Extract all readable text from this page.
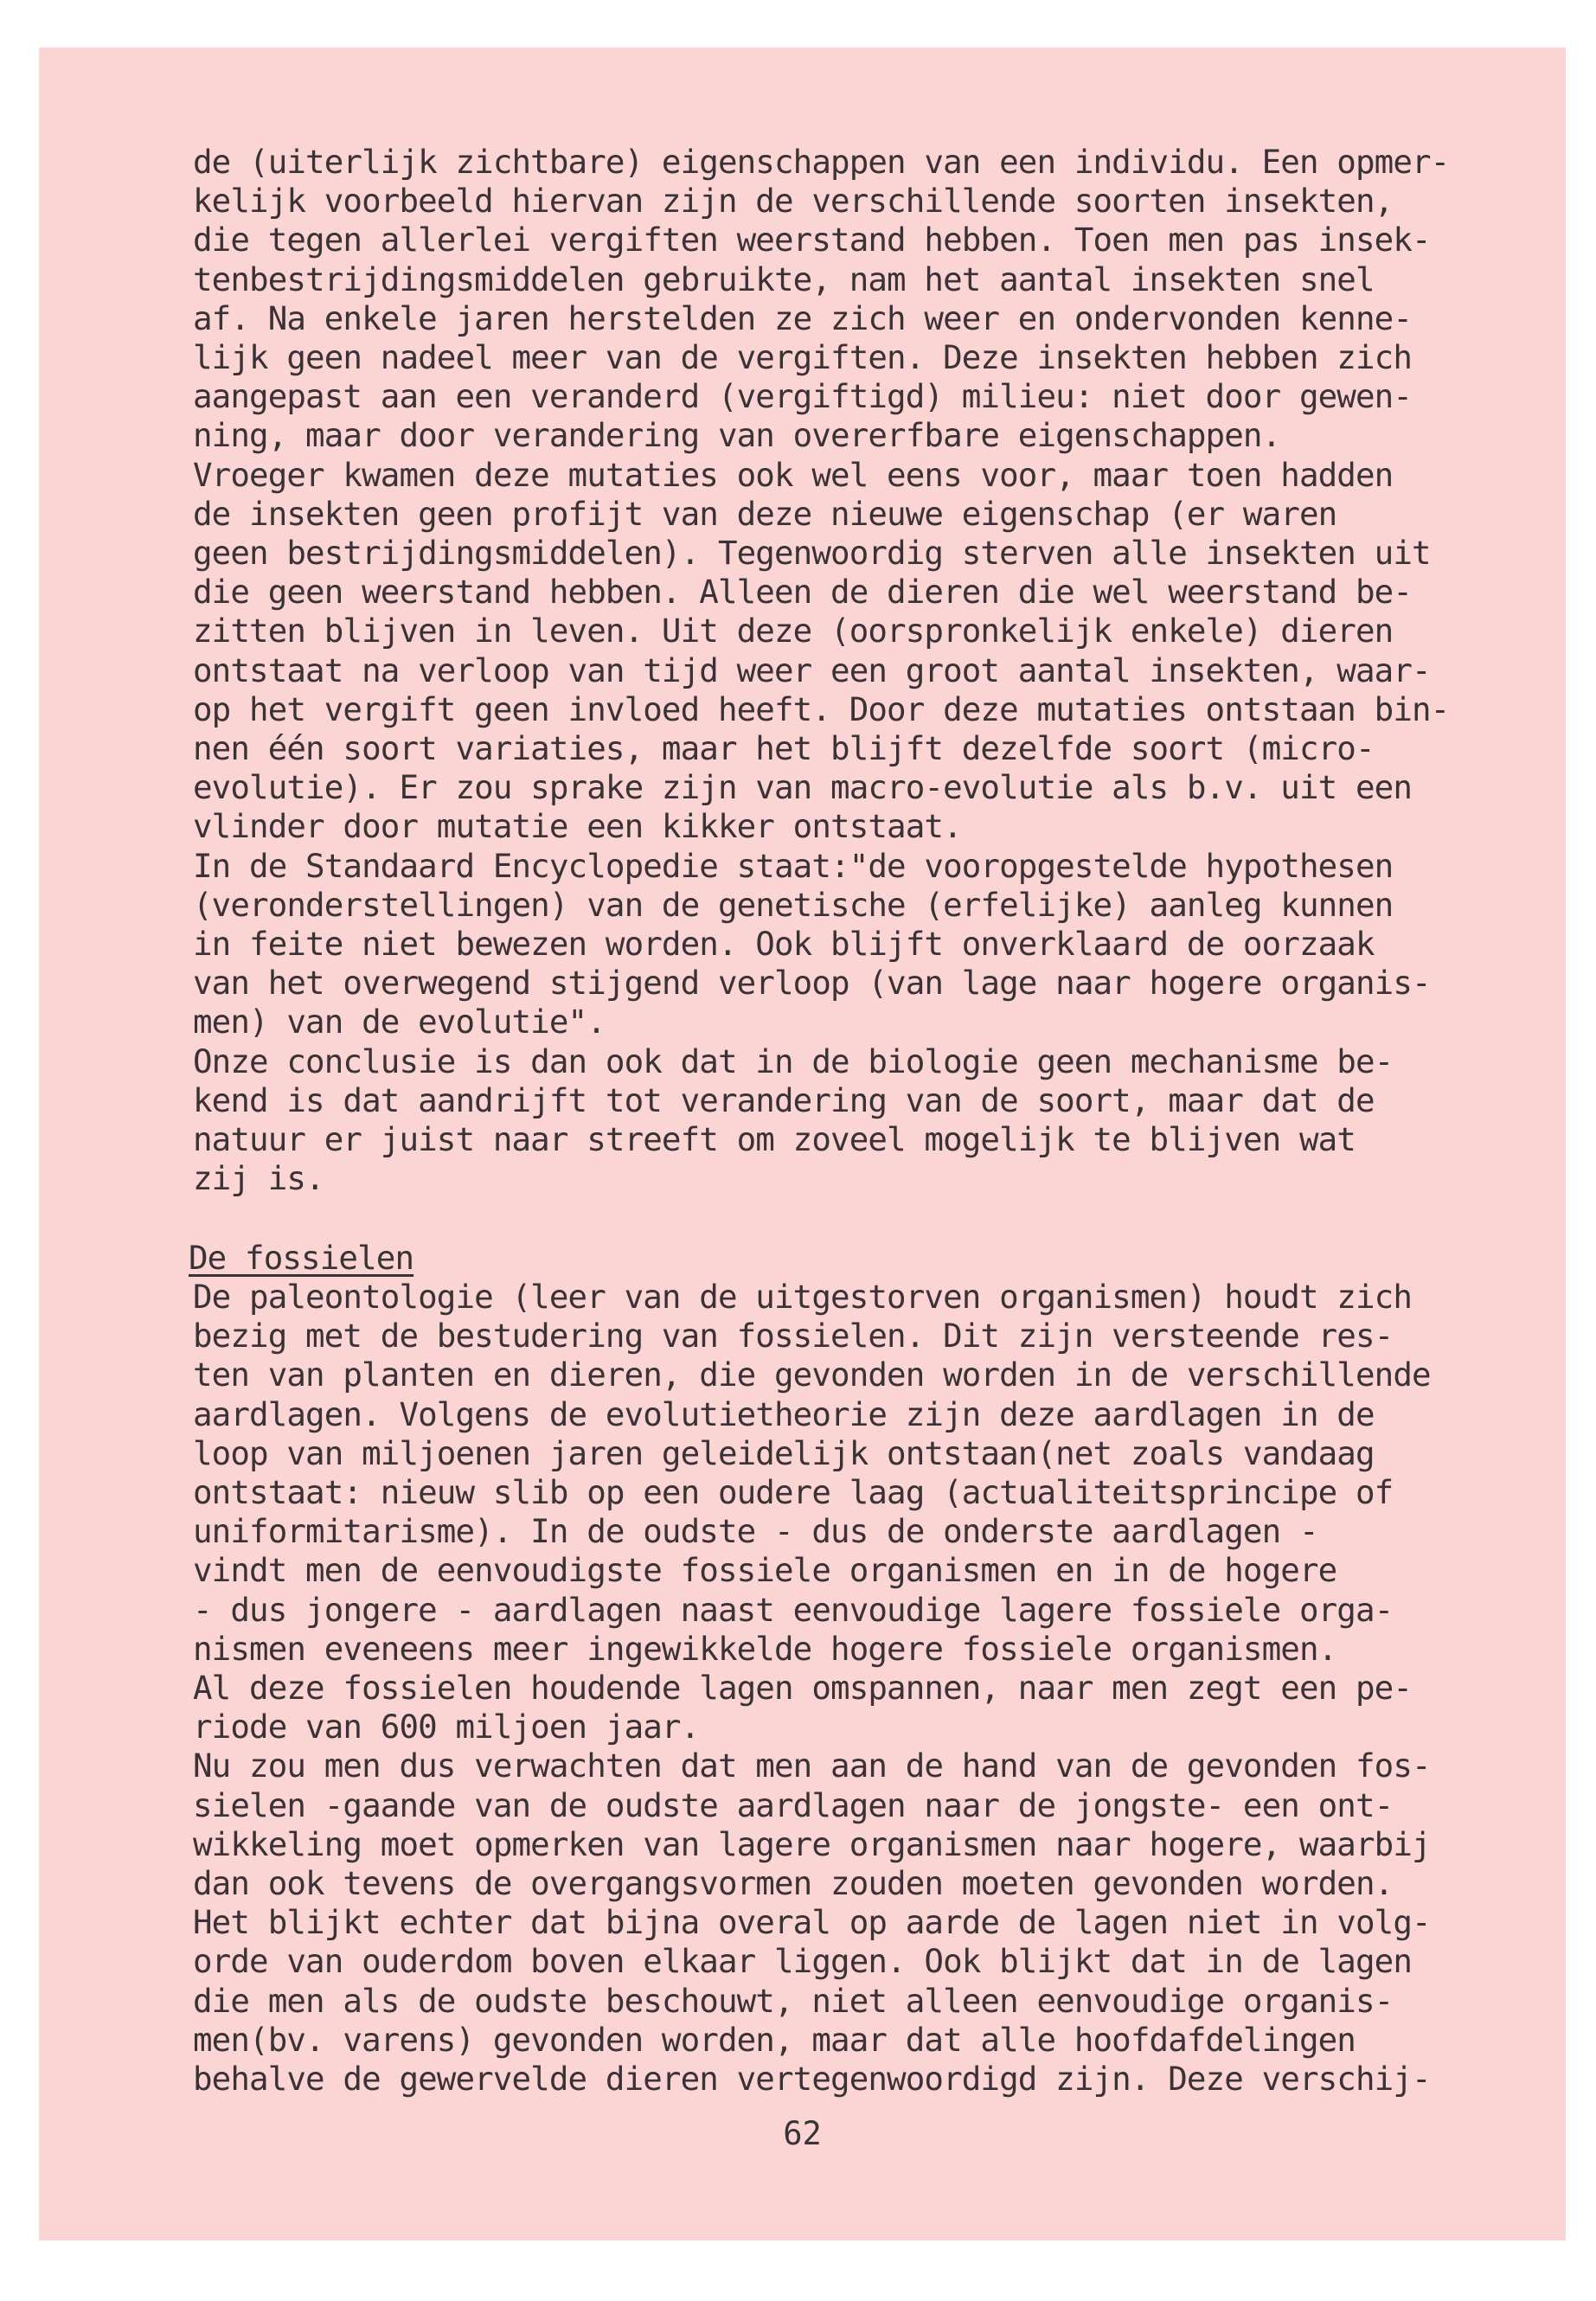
de (uiterlijk zichtbare) eigenschappen van een individu. Een opmer-
kelijk voorbeeld hiervan zijn de verschillende soorten insekten,
die tegen allerlei vergiften weerstand hebben. Toen men pas insek-
tenbestrijdingsmiddelen gebruikte, nam het aantal insekten snel
af. Na enkele jaren herstelden ze zich weer en ondervonden kenne-
lijk geen nadeel meer van de vergiften. Deze insekten hebben zich
aangepast aan een veranderd (vergiftigd) milieu: niet door gewen-
ning, maar door verandering van overerfbare eigenschappen.
Vroeger kwamen deze mutaties ook wel eens voor, maar toen hadden
de insekten geen profijt van deze nieuwe eigenschap (er waren
geen bestrijdingsmiddelen). Tegenwoordig sterven alle insekten uit
die geen weerstand hebben. Alleen de dieren die wel weerstand be-
zitten blijven in leven. Uit deze (oorspronkelijk enkele) dieren
ontstaat na verloop van tijd weer een groot aantal insekten, waar-
op het vergift geen invloed heeft. Door deze mutaties ontstaan bin-
nen één soort variaties, maar het blijft dezelfde soort (micro-
evolutie). Er zou sprake zijn van macro-evolutie als b.v. uit een
vlinder door mutatie een kikker ontstaat.
In de Standaard Encyclopedie staat:"de vooropgestelde hypothesen
(veronderstellingen) van de genetische (erfelijke) aanleg kunnen
in feite niet bewezen worden. Ook blijft onverklaard de oorzaak
van het overwegend stijgend verloop (van lage naar hogere organis-
men) van de evolutie".
Onze conclusie is dan ook dat in de biologie geen mechanisme be-
kend is dat aandrijft tot verandering van de soort, maar dat de
natuur er juist naar streeft om zoveel mogelijk te blijven wat
zij is.
De fossielen
De paleontologie (leer van de uitgestorven organismen) houdt zich
bezig met de bestudering van fossielen. Dit zijn versteende res-
ten van planten en dieren, die gevonden worden in de verschillende
aardlagen. Volgens de evolutietheorie zijn deze aardlagen in de
loop van miljoenen jaren geleidelijk ontstaan(net zoals vandaag
ontstaat: nieuw slib op een oudere laag (actualiteitsprincipe of
uniformitarisme). In de oudste - dus de onderste aardlagen -
vindt men de eenvoudigste fossiele organismen en in de hogere
- dus jongere - aardlagen naast eenvoudige lagere fossiele orga-
nismen eveneens meer ingewikkelde hogere fossiele organismen.
Al deze fossielen houdende lagen omspannen, naar men zegt een pe-
riode van 600 miljoen jaar.
Nu zou men dus verwachten dat men aan de hand van de gevonden fos-
sielen -gaande van de oudste aardlagen naar de jongste- een ont-
wikkeling moet opmerken van lagere organismen naar hogere, waarbij
dan ook tevens de overgangsvormen zouden moeten gevonden worden.
Het blijkt echter dat bijna overal op aarde de lagen niet in volg-
orde van ouderdom boven elkaar liggen. Ook blijkt dat in de lagen
die men als de oudste beschouwt, niet alleen eenvoudige organis-
men(bv. varens) gevonden worden, maar dat alle hoofdafdelingen
behalve de gewervelde dieren vertegenwoordigd zijn. Deze verschij-
62
